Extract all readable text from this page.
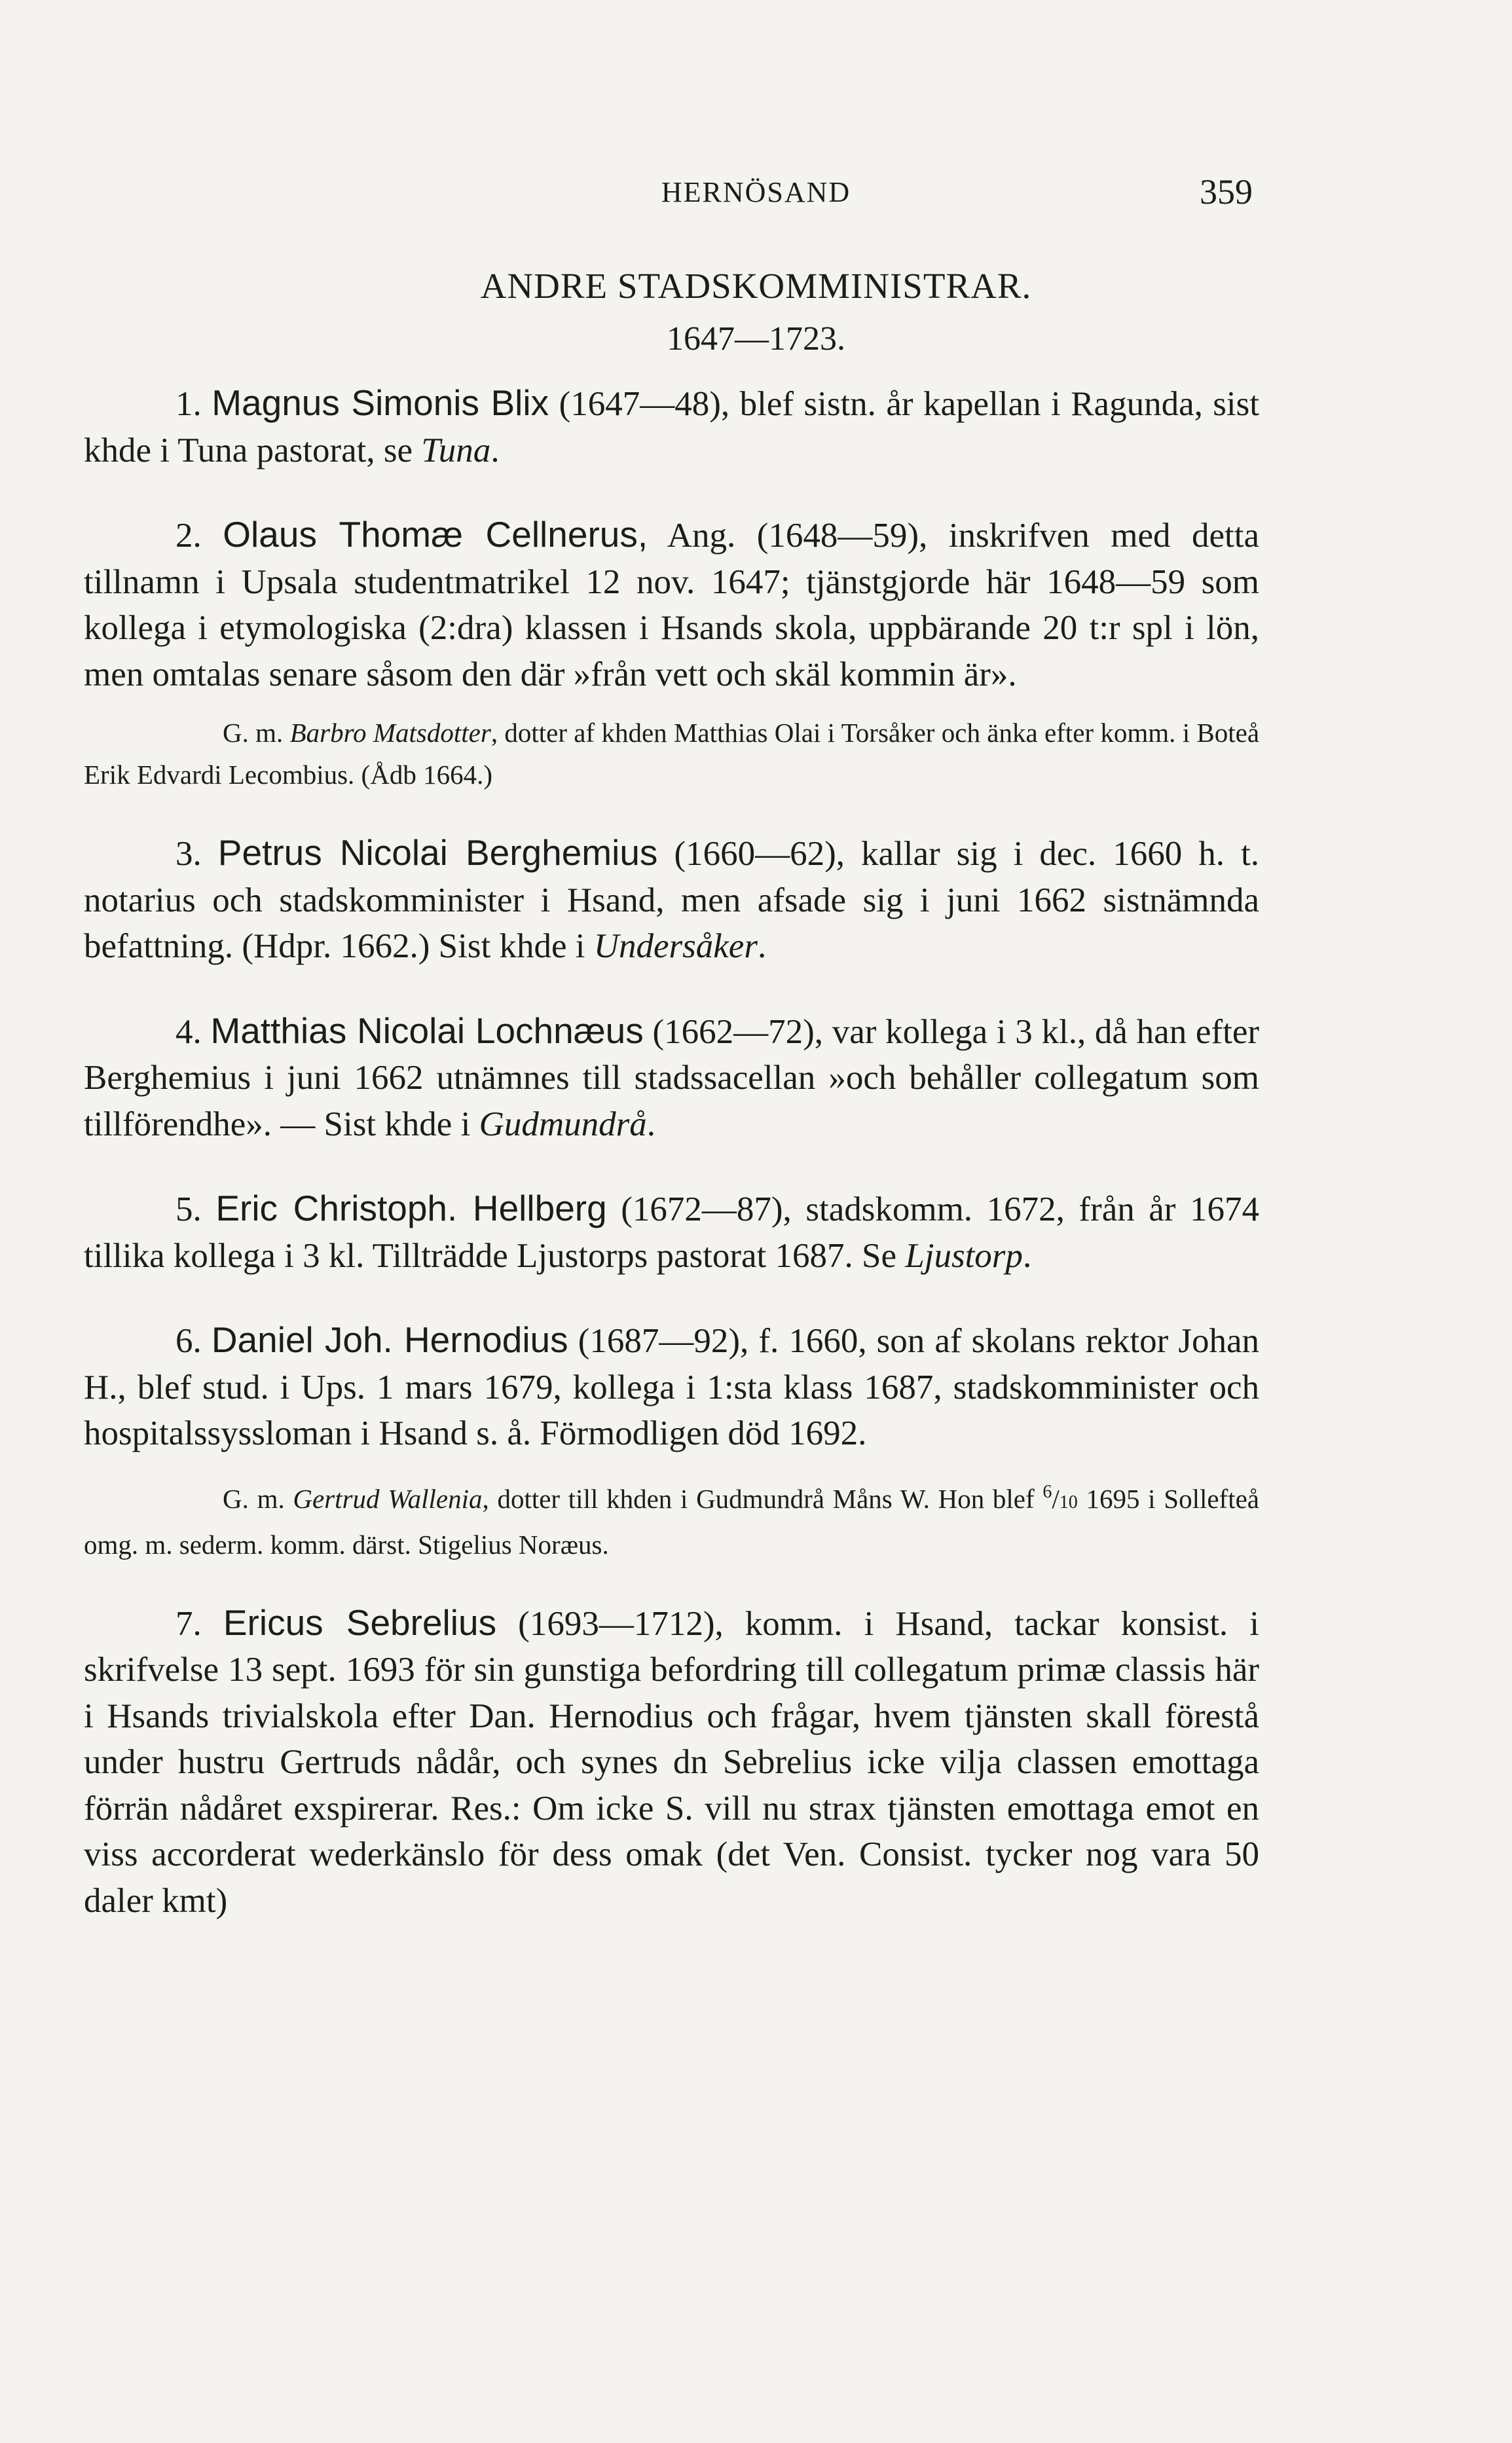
HERNÖSAND	359
ANDRE STADSKOMMINISTRAR.
1647—1723.

1. Magnus Simonis Blix (1647—48), blef sistn. år kapellan i Ragunda, sist khde i Tuna pastorat, se Tuna.

2. Olaus Thomæ Cellnerus, Ang. (1648—59), inskrifven med detta tillnamn i Upsala studentmatrikel 12 nov. 1647; tjänstgjorde här 1648—59 som kollega i etymologiska (2:dra) klassen i Hsands skola, uppbärande 20 t:r spl i lön, men omtalas senare såsom den där »från vett och skäl kommin är».

G. m. Barbro Matsdotter, dotter af khden Matthias Olai i Torsåker och änka efter komm. i Boteå Erik Edvardi Lecombius. (Ådb 1664.)

3. Petrus Nicolai Berghemius (1660—62), kallar sig i dec. 1660 h. t. notarius och stadskomminister i Hsand, men afsade sig i juni 1662 sistnämnda befattning. (Hdpr. 1662.) Sist khde i Undersåker.

4. Matthias Nicolai Lochnæus (1662—72), var kollega i 3 kl., då han efter Berghemius i juni 1662 utnämnes till stadssacellan »och behåller collegatum som tillförendhe». — Sist khde i Gudmundrå.

5. Eric Christoph. Hellberg (1672—87), stadskomm. 1672, från år 1674 tillika kollega i 3 kl. Tillträdde Ljustorps pastorat 1687. Se Ljustorp.

6. Daniel Joh. Hernodius (1687—92), f. 1660, son af skolans rektor Johan H., blef stud. i Ups. 1 mars 1679, kollega i 1:sta klass 1687, stadskomminister och hospitalssyssloman i Hsand s. å. Förmodligen död 1692.

G. m. Gertrud Wallenia, dotter till khden i Gudmundrå Måns W. Hon blef $^6$/10 1695 i Sollefteå omg. m. sederm. komm. därst. Stigelius Noræus.

7. Ericus Sebrelius (1693—1712), komm. i Hsand, tackar konsist. i skrifvelse 13 sept. 1693 för sin gunstiga befordring till collegatum primæ classis här i Hsands trivialskola efter Dan. Hernodius och frågar, hvem tjänsten skall förestå under hustru Gertruds nådår, och synes dn Sebrelius icke vilja classen emottaga förrän nådåret exspirerar. Res.: Om icke S. vill nu strax tjänsten emottaga emot en viss accorderat wederkänslo för dess omak (det Ven. Consist. tycker nog vara 50 daler kmt)
